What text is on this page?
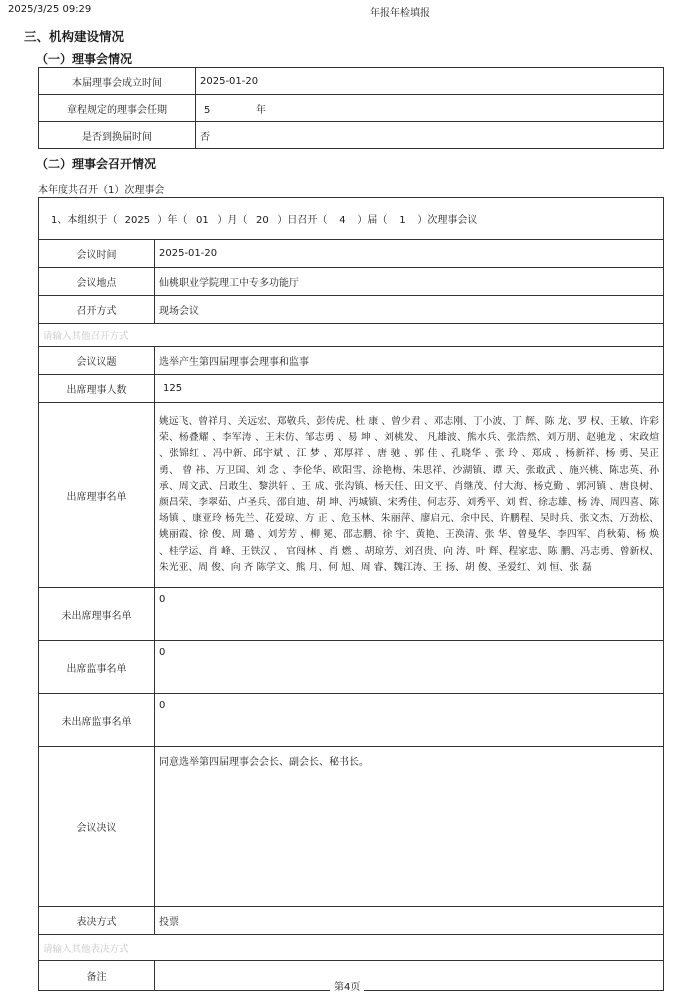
2025/3/25 09:29	年报年检填报
三、机构建设情况
（一）理事会情况
本届理事会成立时间	2025-01-20
章程规定的理事会任期	5 年
是否到换届时间	否
（二）理事会召开情况
本年度共召开（1）次理事会
1、本组织于（ 2025 ）年（ 01 ）月（ 20 ）日召开（ 4 ）届（ 1 ）次理事会议	
会议时间	2025-01-20
会议地点	仙桃职业学院理工中专多功能厅
召开方式	现场会议
请输入其他召开方式	
会议议题	选举产生第四届理事会理事和监事
出席理事人数	125
出席理事名单	姚远飞、曾祥月、关远宏、郑敬兵、彭传虎、杜 康 、曾少君 、邓志刚、丁小波、丁 辉、陈 龙、罗 权、王敏、许彩荣、杨叠耀 、李军涛 、王末仿、邹志勇 、易 坤 、刘桃发、 凡雄波、熊水兵、张浩然、刘万朋、赵驰龙 、宋政煊 、张锦红 、冯中新、邱宇斌 、江 梦 、郑厚祥 、唐 驰 、郭 佳 、孔晓华 、张 玲 、郑成 、杨新祥、杨 勇、吴正勇、 曾 祎、万卫国、刘 念 、李伦华、欧阳雪、涂艳梅、朱思祥、沙湖镇、谭 天、张敢武 、施兴桃、陈忠英、孙 承、周文武、吕敢生、黎洪轩 、王 成、张沟镇、杨天任、田文平、肖继茂、付大海、杨克勤 、郭河镇 、唐良树、颜昌荣、李翠茹、卢圣兵、邵自迪、胡 坤、沔城镇、宋秀佳、何志芬、刘秀平、刘 哲、徐志雄、杨 涛、周四喜、陈场镇 、康亚玲 杨先兰、花爱琼、方 正 、危玉林、朱丽萍、廖启元、余中民、许鹏程、吴时兵、张文杰、万劲松、姚丽霞、徐 俊、周 璐 、刘芳芳 、柳 冕、邵志鹏、徐 宇、黄艳、王涣清、张 华、曾曼华、李四军、肖秋菊、杨 焕 、桂学运、肖 峰、王铁汉 、 官闯林 、肖 燃 、胡琼芳、刘召贵、向 涛、叶 辉、程家忠、陈 鹏、冯志勇、曾新权、朱光亚、周 俊、向 齐 陈学文、熊 月、何 旭、周 睿、魏江涛、王 扬、胡 俊、圣爱红、刘 恒、张 磊
未出席理事名单	0
出席监事名单	0
未出席监事名单	0
会议决议	同意选举第四届理事会会长、副会长、秘书长。
表决方式	投票
请输入其他表决方式	
备注	
第4页
